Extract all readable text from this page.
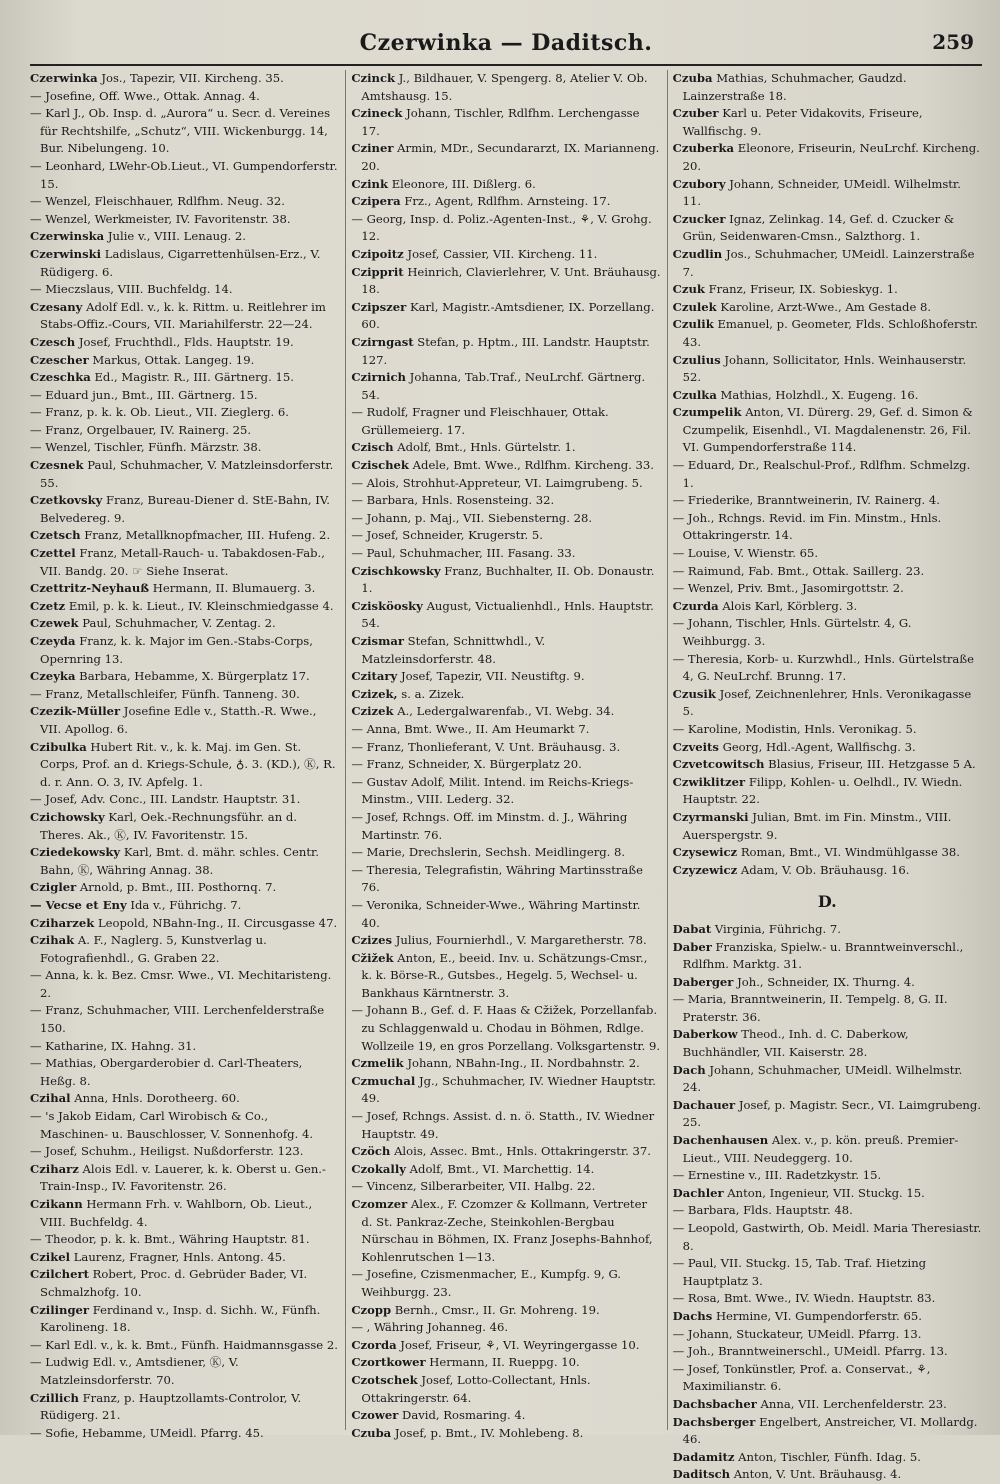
Czerwinka — Daditsch.	259
Czerwinka Jos., Tapezir, VII. Kircheng. 35.
— Josefine, Off. Wwe., Ottak. Annag. 4.
— Karl J., Ob. Insp. d. „Aurora“ u. Secr. d. Vereines für Rechtshilfe, „Schutz“, VIII. Wickenburgg. 14, Bur. Nibelungeng. 10.
— Leonhard, LWehr-Ob.Lieut., VI. Gumpendorferstr. 15.
— Wenzel, Fleischhauer, Rdlfhm. Neug. 32.
— Wenzel, Werkmeister, IV. Favoritenstr. 38.
Czerwinska Julie v., VIII. Lenaug. 2.
Czerwinski Ladislaus, Cigarrettenhülsen-Erz., V. Rüdigerg. 6.
— Mieczslaus, VIII. Buchfeldg. 14.
Czesany Adolf Edl. v., k. k. Rittm. u. Reitlehrer im Stabs-Offiz.-Cours, VII. Mariahilferstr. 22—24.
Czesch Josef, Fruchthdl., Flds. Hauptstr. 19.
Czescher Markus, Ottak. Langeg. 19.
Czeschka Ed., Magistr. R., III. Gärtnerg. 15.
— Eduard jun., Bmt., III. Gärtnerg. 15.
— Franz, p. k. k. Ob. Lieut., VII. Zieglerg. 6.
— Franz, Orgelbauer, IV. Rainerg. 25.
— Wenzel, Tischler, Fünfh. Märzstr. 38.
Czesnek Paul, Schuhmacher, V. Matzleinsdorferstr. 55.
Czetkovsky Franz, Bureau-Diener d. StE-Bahn, IV. Belvedereg. 9.
Czetsch Franz, Metallknopfmacher, III. Hufeng. 2.
Czettel Franz, Metall-Rauch- u. Tabakdosen-Fab., VII. Bandg. 20. ☞ Siehe Inserat.
Czettritz-Neyhauß Hermann, II. Blumauerg. 3.
Czetz Emil, p. k. k. Lieut., IV. Kleinschmiedgasse 4.
Czewek Paul, Schuhmacher, V. Zentag. 2.
Czeyda Franz, k. k. Major im Gen.-Stabs-Corps, Opernring 13.
Czeyka Barbara, Hebamme, X. Bürgerplatz 17.
— Franz, Metallschleifer, Fünfh. Tanneng. 30.
Czezik-Müller Josefine Edle v., Statth.-R. Wwe., VII. Apollog. 6.
Czibulka Hubert Rit. v., k. k. Maj. im Gen. St. Corps, Prof. an d. Kriegs-Schule, ♁. 3. (KD.), Ⓚ, R. d. r. Ann. O. 3, IV. Apfelg. 1.
— Josef, Adv. Conc., III. Landstr. Hauptstr. 31.
Czichowsky Karl, Oek.-Rechnungsführ. an d. Theres. Ak., Ⓚ, IV. Favoritenstr. 15.
Cziedekowsky Karl, Bmt. d. mähr. schles. Centr. Bahn, Ⓚ, Währing Annag. 38.
Czigler Arnold, p. Bmt., III. Posthornq. 7.
— Vecse et Eny Ida v., Führichg. 7.
Cziharzek Leopold, NBahn-Ing., II. Circusgasse 47.
Czihak A. F., Naglerg. 5, Kunstverlag u. Fotografienhdl., G. Graben 22.
— Anna, k. k. Bez. Cmsr. Wwe., VI. Mechitaristeng. 2.
— Franz, Schuhmacher, VIII. Lerchenfelderstraße 150.
— Katharine, IX. Hahng. 31.
— Mathias, Obergarderobier d. Carl-Theaters, Heßg. 8.
Czihal Anna, Hnls. Dorotheerg. 60.
— 's Jakob Eidam, Carl Wirobisch & Co., Maschinen- u. Bauschlosser, V. Sonnenhofg. 4.
— Josef, Schuhm., Heiligst. Nußdorferstr. 123.
Cziharz Alois Edl. v. Lauerer, k. k. Oberst u. Gen.-Train-Insp., IV. Favoritenstr. 26.
Czikann Hermann Frh. v. Wahlborn, Ob. Lieut., VIII. Buchfeldg. 4.
— Theodor, p. k. k. Bmt., Währing Hauptstr. 81.
Czikel Laurenz, Fragner, Hnls. Antong. 45.
Czilchert Robert, Proc. d. Gebrüder Bader, VI. Schmalzhofg. 10.
Czilinger Ferdinand v., Insp. d. Sichh. W., Fünfh. Karolineng. 18.
— Karl Edl. v., k. k. Bmt., Fünfh. Haidmannsgasse 2.
— Ludwig Edl. v., Amtsdiener, Ⓚ, V. Matzleinsdorferstr. 70.
Czillich Franz, p. Hauptzollamts-Controlor, V. Rüdigerg. 21.
— Sofie, Hebamme, UMeidl. Pfarrg. 45.
Czinck J., Bildhauer, V. Spengerg. 8, Atelier V. Ob. Amtshausg. 15.
Czineck Johann, Tischler, Rdlfhm. Lerchengasse 17.
Cziner Armin, MDr., Secundararzt, IX. Marianneng. 20.
Czink Eleonore, III. Dißlerg. 6.
Czipera Frz., Agent, Rdlfhm. Arnsteing. 17.
— Georg, Insp. d. Poliz.-Agenten-Inst., ⚘, V. Grohg. 12.
Czipoitz Josef, Cassier, VII. Kircheng. 11.
Czipprit Heinrich, Clavierlehrer, V. Unt. Bräuhausg. 18.
Czipszer Karl, Magistr.-Amtsdiener, IX. Porzellang. 60.
Czirngast Stefan, p. Hptm., III. Landstr. Hauptstr. 127.
Czirnich Johanna, Tab.Traf., NeuLrchf. Gärtnerg. 54.
— Rudolf, Fragner und Fleischhauer, Ottak. Grüllemeierg. 17.
Czisch Adolf, Bmt., Hnls. Gürtelstr. 1.
Czischek Adele, Bmt. Wwe., Rdlfhm. Kircheng. 33.
— Alois, Strohhut-Appreteur, VI. Laimgrubeng. 5.
— Barbara, Hnls. Rosensteing. 32.
— Johann, p. Maj., VII. Siebensterng. 28.
— Josef, Schneider, Krugerstr. 5.
— Paul, Schuhmacher, III. Fasang. 33.
Czischkowsky Franz, Buchhalter, II. Ob. Donaustr. 1.
Czisköosky August, Victualienhdl., Hnls. Hauptstr. 54.
Czismar Stefan, Schnittwhdl., V. Matzleinsdorferstr. 48.
Czitary Josef, Tapezir, VII. Neustiftg. 9.
Czizek, s. a. Zizek.
Czizek A., Ledergalwarenfab., VI. Webg. 34.
— Anna, Bmt. Wwe., II. Am Heumarkt 7.
— Franz, Thonlieferant, V. Unt. Bräuhausg. 3.
— Franz, Schneider, X. Bürgerplatz 20.
— Gustav Adolf, Milit. Intend. im Reichs-Kriegs-Minstm., VIII. Lederg. 32.
— Josef, Rchngs. Off. im Minstm. d. J., Währing Martinstr. 76.
— Marie, Drechslerin, Sechsh. Meidlingerg. 8.
— Theresia, Telegrafistin, Währing Martinsstraße 76.
— Veronika, Schneider-Wwe., Währing Martinstr. 40.
Czizes Julius, Fournierhdl., V. Margaretherstr. 78.
Cžižek Anton, E., beeid. Inv. u. Schätzungs-Cmsr., k. k. Börse-R., Gutsbes., Hegelg. 5, Wechsel- u. Bankhaus Kärntnerstr. 3.
— Johann B., Gef. d. F. Haas & Cžižek, Porzellanfab. zu Schlaggenwald u. Chodau in Böhmen, Rdlge. Wollzeile 19, en gros Porzellang. Volksgartenstr. 9.
Czmelik Johann, NBahn-Ing., II. Nordbahnstr. 2.
Czmuchal Jg., Schuhmacher, IV. Wiedner Hauptstr. 49.
— Josef, Rchngs. Assist. d. n. ö. Statth., IV. Wiedner Hauptstr. 49.
Czöch Alois, Assec. Bmt., Hnls. Ottakringerstr. 37.
Czokally Adolf, Bmt., VI. Marchettig. 14.
— Vincenz, Silberarbeiter, VII. Halbg. 22.
Czomzer Alex., F. Czomzer & Kollmann, Vertreter d. St. Pankraz-Zeche, Steinkohlen-Bergbau Nürschau in Böhmen, IX. Franz Josephs-Bahnhof, Kohlenrutschen 1—13.
— Josefine, Czismenmacher, E., Kumpfg. 9, G. Weihburgg. 23.
Czopp Bernh., Cmsr., II. Gr. Mohreng. 19.
— , Währing Johanneg. 46.
Czorda Josef, Friseur, ⚘, VI. Weyringergasse 10.
Czortkower Hermann, II. Rueppg. 10.
Czotschek Josef, Lotto-Collectant, Hnls. Ottakringerstr. 64.
Czower David, Rosmaring. 4.
Czuba Josef, p. Bmt., IV. Mohlebeng. 8.
Czuba Mathias, Schuhmacher, Gaudzd. Lainzerstraße 18.
Czuber Karl u. Peter Vidakovits, Friseure, Wallfischg. 9.
Czuberka Eleonore, Friseurin, NeuLrchf. Kircheng. 20.
Czubory Johann, Schneider, UMeidl. Wilhelmstr. 11.
Czucker Ignaz, Zelinkag. 14, Gef. d. Czucker & Grün, Seidenwaren-Cmsn., Salzthorg. 1.
Czudlin Jos., Schuhmacher, UMeidl. Lainzerstraße 7.
Czuk Franz, Friseur, IX. Sobieskyg. 1.
Czulek Karoline, Arzt-Wwe., Am Gestade 8.
Czulik Emanuel, p. Geometer, Flds. Schloßhoferstr. 43.
Czulius Johann, Sollicitator, Hnls. Weinhauserstr. 52.
Czulka Mathias, Holzhdl., X. Eugeng. 16.
Czumpelik Anton, VI. Dürerg. 29, Gef. d. Simon & Czumpelik, Eisenhdl., VI. Magdalenenstr. 26, Fil. VI. Gumpendorferstraße 114.
— Eduard, Dr., Realschul-Prof., Rdlfhm. Schmelzg. 1.
— Friederike, Branntweinerin, IV. Rainerg. 4.
— Joh., Rchngs. Revid. im Fin. Minstm., Hnls. Ottakringerstr. 14.
— Louise, V. Wienstr. 65.
— Raimund, Fab. Bmt., Ottak. Saillerg. 23.
— Wenzel, Priv. Bmt., Jasomirgottstr. 2.
Czurda Alois Karl, Körblerg. 3.
— Johann, Tischler, Hnls. Gürtelstr. 4, G. Weihburgg. 3.
— Theresia, Korb- u. Kurzwhdl., Hnls. Gürtelstraße 4, G. NeuLrchf. Brunng. 17.
Czusik Josef, Zeichnenlehrer, Hnls. Veronikagasse 5.
— Karoline, Modistin, Hnls. Veronikag. 5.
Czveits Georg, Hdl.-Agent, Wallfischg. 3.
Czvetcowitsch Blasius, Friseur, III. Hetzgasse 5 A.
Czwiklitzer Filipp, Kohlen- u. Oelhdl., IV. Wiedn. Hauptstr. 22.
Czyrmanski Julian, Bmt. im Fin. Minstm., VIII. Auerspergstr. 9.
Czysewicz Roman, Bmt., VI. Windmühlgasse 38.
Czyzewicz Adam, V. Ob. Bräuhausg. 16.
D.
Dabat Virginia, Führichg. 7.
Daber Franziska, Spielw.- u. Branntweinverschl., Rdlfhm. Marktg. 31.
Daberger Joh., Schneider, IX. Thurng. 4.
— Maria, Branntweinerin, II. Tempelg. 8, G. II. Praterstr. 36.
Daberkow Theod., Inh. d. C. Daberkow, Buchhändler, VII. Kaiserstr. 28.
Dach Johann, Schuhmacher, UMeidl. Wilhelmstr. 24.
Dachauer Josef, p. Magistr. Secr., VI. Laimgrubeng. 25.
Dachenhausen Alex. v., p. kön. preuß. Premier-Lieut., VIII. Neudeggerg. 10.
— Ernestine v., III. Radetzkystr. 15.
Dachler Anton, Ingenieur, VII. Stuckg. 15.
— Barbara, Flds. Hauptstr. 48.
— Leopold, Gastwirth, Ob. Meidl. Maria Theresiastr. 8.
— Paul, VII. Stuckg. 15, Tab. Traf. Hietzing Hauptplatz 3.
— Rosa, Bmt. Wwe., IV. Wiedn. Hauptstr. 83.
Dachs Hermine, VI. Gumpendorferstr. 65.
— Johann, Stuckateur, UMeidl. Pfarrg. 13.
— Joh., Branntweinerschl., UMeidl. Pfarrg. 13.
— Josef, Tonkünstler, Prof. a. Conservat., ⚘, Maximilianstr. 6.
Dachsbacher Anna, VII. Lerchenfelderstr. 23.
Dachsberger Engelbert, Anstreicher, VI. Mollardg. 46.
Dadamitz Anton, Tischler, Fünfh. Idag. 5.
Daditsch Anton, V. Unt. Bräuhausg. 4.
